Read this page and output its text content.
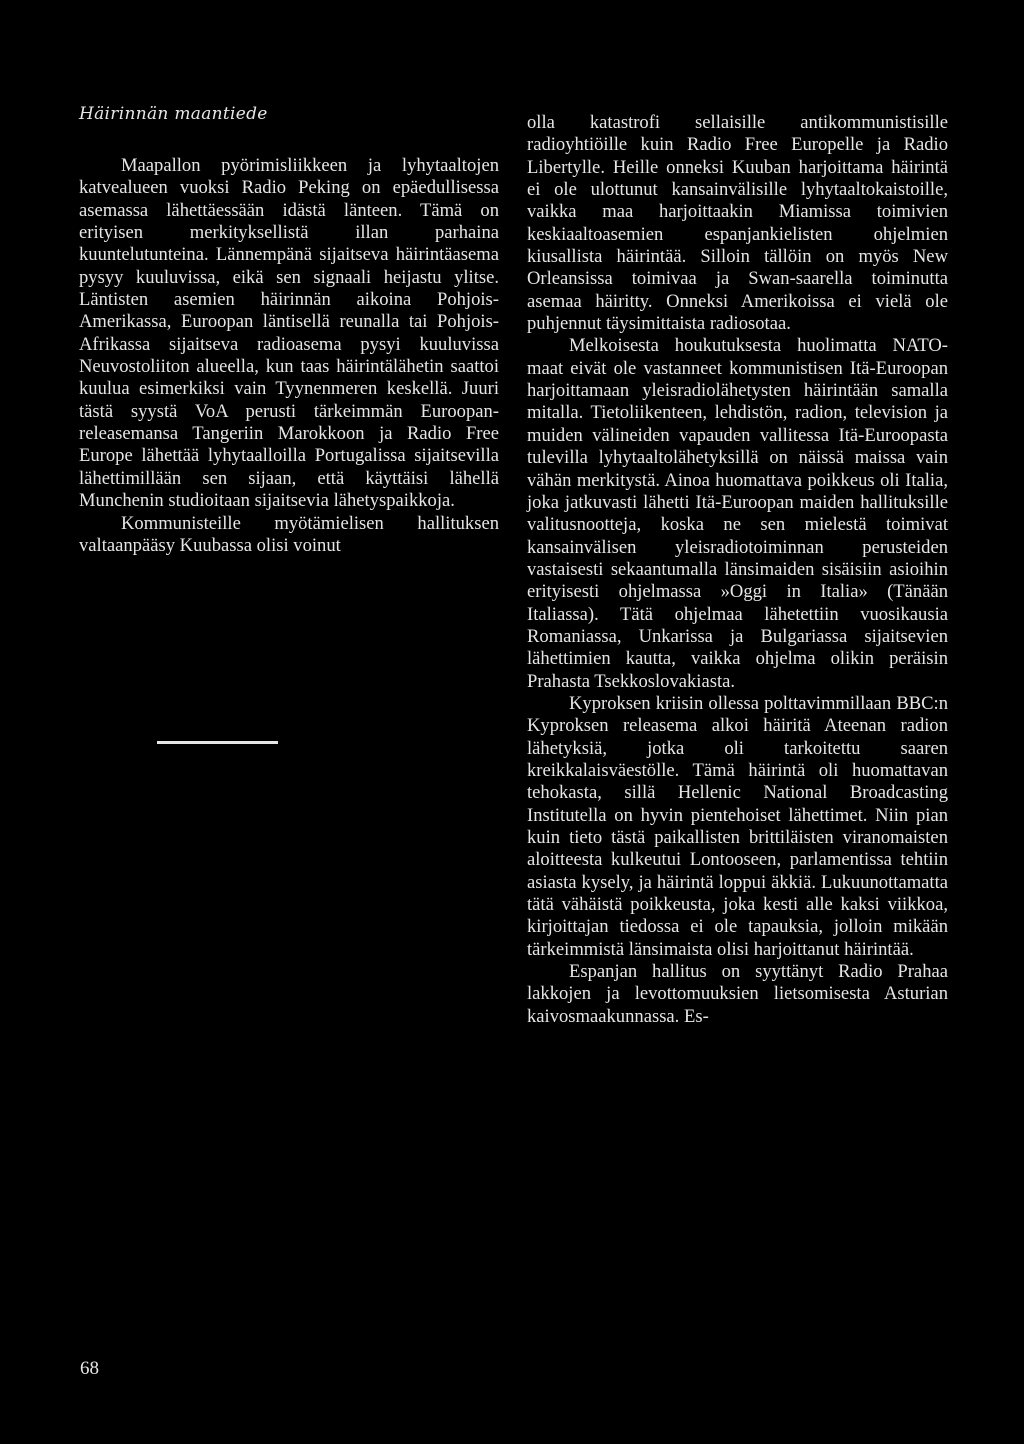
Häirinnän maantiede

Maapallon pyörimisliikkeen ja lyhytaaltojen katvealueen vuoksi Radio Peking on epäedullisessa asemassa lähettäessään idästä länteen. Tämä on erityisen merkityksellistä illan parhaina kuuntelutunteina. Lännempänä sijaitseva häirintäasema pysyy kuuluvissa, eikä sen signaali heijastu ylitse. Läntisten asemien häirinnän aikoina Pohjois-Amerikassa, Euroopan läntisellä reunalla tai Pohjois-Afrikassa sijaitseva radioasema pysyi kuuluvissa Neuvostoliiton alueella, kun taas häirintälähetin saattoi kuulua esimerkiksi vain Tyynenmeren keskellä. Juuri tästä syystä VoA perusti tärkeimmän Euroopan-releasemansa Tangeriin Marokkoon ja Radio Free Europe lähettää lyhytaalloilla Portugalissa sijaitsevilla lähettimillään sen sijaan, että käyttäisi lähellä Munchenin studioitaan sijaitsevia lähetyspaikkoja.

Kommunisteille myötämielisen hallituksen valtaanpääsy Kuubassa olisi voinut

olla katastrofi sellaisille antikommunistisille radioyhtiöille kuin Radio Free Europelle ja Radio Libertylle. Heille onneksi Kuuban harjoittama häirintä ei ole ulottunut kansainvälisille lyhytaaltokaistoille, vaikka maa harjoittaakin Miamissa toimivien keskiaaltoasemien espanjankielisten ohjelmien kiusallista häirintää. Silloin tällöin on myös New Orleansissa toimivaa ja Swan-saarella toiminutta asemaa häiritty. Onneksi Amerikoissa ei vielä ole puhjennut täysimittaista radiosotaa.

Melkoisesta houkutuksesta huolimatta NATO-maat eivät ole vastanneet kommunistisen Itä-Euroopan harjoittamaan yleisradiolähetysten häirintään samalla mitalla. Tietoliikenteen, lehdistön, radion, television ja muiden välineiden vapauden vallitessa Itä-Euroopasta tulevilla lyhytaaltolähetyksillä on näissä maissa vain vähän merkitystä. Ainoa huomattava poikkeus oli Italia, joka jatkuvasti lähetti Itä-Euroopan maiden hallituksille valitusnootteja, koska ne sen mielestä toimivat kansainvälisen yleisradiotoiminnan perusteiden vastaisesti sekaantumalla länsimaiden sisäisiin asioihin erityisesti ohjelmassa »Oggi in Italia» (Tänään Italiassa). Tätä ohjelmaa lähetettiin vuosikausia Romaniassa, Unkarissa ja Bulgariassa sijaitsevien lähettimien kautta, vaikka ohjelma olikin peräisin Prahasta Tsekkoslovakiasta.

Kyproksen kriisin ollessa polttavimmillaan BBC:n Kyproksen releasema alkoi häiritä Ateenan radion lähetyksiä, jotka oli tarkoitettu saaren kreikkalaisväestölle. Tämä häirintä oli huomattavan tehokasta, sillä Hellenic National Broadcasting Institutella on hyvin pientehoiset lähettimet. Niin pian kuin tieto tästä paikallisten brittiläisten viranomaisten aloitteesta kulkeutui Lontooseen, parlamentissa tehtiin asiasta kysely, ja häirintä loppui äkkiä. Lukuunottamatta tätä vähäistä poikkeusta, joka kesti alle kaksi viikkoa, kirjoittajan tiedossa ei ole tapauksia, jolloin mikään tärkeimmistä länsimaista olisi harjoittanut häirintää.

Espanjan hallitus on syyttänyt Radio Prahaa lakkojen ja levottomuuksien lietsomisesta Asturian kaivosmaakunnassa. Es-

68
